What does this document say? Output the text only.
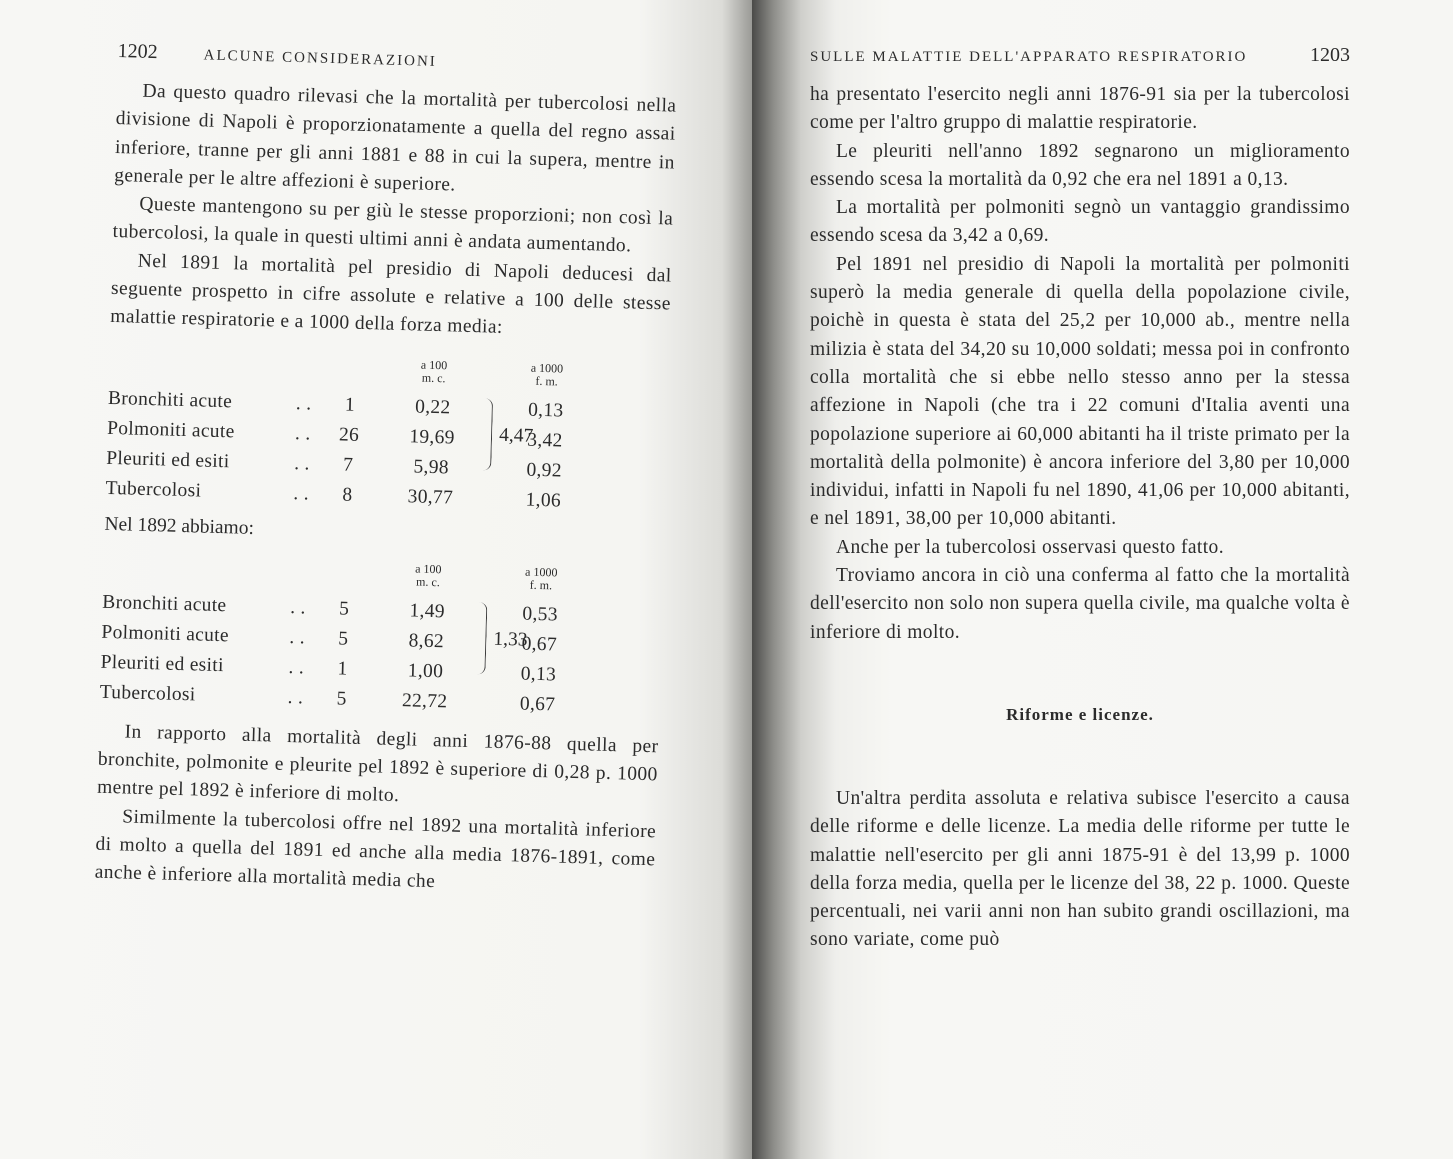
1202	ALCUNE CONSIDERAZIONI

Da questo quadro rilevasi che la mortalità per tubercolosi nella divisione di Napoli è proporzionatamente a quella del regno assai inferiore, tranne per gli anni 1881 e 88 in cui la supera, mentre in generale per le altre affezioni è superiore.

Queste mantengono su per giù le stesse proporzioni; non così la tubercolosi, la quale in questi ultimi anni è andata aumentando.

Nel 1891 la mortalità pel presidio di Napoli deducesi dal seguente prospetto in cifre assolute e relative a 100 delle stesse malattie respiratorie e a 1000 della forza media:

a 100
m. c.
a 1000
f. m.
Bronchiti acute	. .	1	0,22	0,13
Polmoniti acute	. .	26	19,69	3,42
Pleuriti ed esiti	. .	7	5,98	0,92
Tubercolosi	. .	8	30,77	1,06
4,47
Nel 1892 abbiamo:
a 100
m. c.
a 1000
f. m.
Bronchiti acute	. .	5	1,49	0,53
Polmoniti acute	. .	5	8,62	0,67
Pleuriti ed esiti	. .	1	1,00	0,13
Tubercolosi	. .	5	22,72	0,67
1,33

In rapporto alla mortalità degli anni 1876-88 quella per bronchite, polmonite e pleurite pel 1892 è superiore di 0,28 p. 1000 mentre pel 1892 è inferiore di molto.

Similmente la tubercolosi offre nel 1892 una mortalità inferiore di molto a quella del 1891 ed anche alla media 1876-1891, come anche è inferiore alla mortalità media che

SULLE MALATTIE DELL'APPARATO RESPIRATORIO	1203

ha presentato l'esercito negli anni 1876-91 sia per la tubercolosi come per l'altro gruppo di malattie respiratorie.

Le pleuriti nell'anno 1892 segnarono un miglioramento essendo scesa la mortalità da 0,92 che era nel 1891 a 0,13.

La mortalità per polmoniti segnò un vantaggio grandissimo essendo scesa da 3,42 a 0,69.

Pel 1891 nel presidio di Napoli la mortalità per polmoniti superò la media generale di quella della popolazione civile, poichè in questa è stata del 25,2 per 10,000 ab., mentre nella milizia è stata del 34,20 su 10,000 soldati; messa poi in confronto colla mortalità che si ebbe nello stesso anno per la stessa affezione in Napoli (che tra i 22 comuni d'Italia aventi una popolazione superiore ai 60,000 abitanti ha il triste primato per la mortalità della polmonite) è ancora inferiore del 3,80 per 10,000 individui, infatti in Napoli fu nel 1890, 41,06 per 10,000 abitanti, e nel 1891, 38,00 per 10,000 abitanti.

Anche per la tubercolosi osservasi questo fatto.

Troviamo ancora in ciò una conferma al fatto che la mortalità dell'esercito non solo non supera quella civile, ma qualche volta è inferiore di molto.

Riforme e licenze.

Un'altra perdita assoluta e relativa subisce l'esercito a causa delle riforme e delle licenze. La media delle riforme per tutte le malattie nell'esercito per gli anni 1875-91 è del 13,99 p. 1000 della forza media, quella per le licenze del 38, 22 p. 1000. Queste percentuali, nei varii anni non han subito grandi oscillazioni, ma sono variate, come può
